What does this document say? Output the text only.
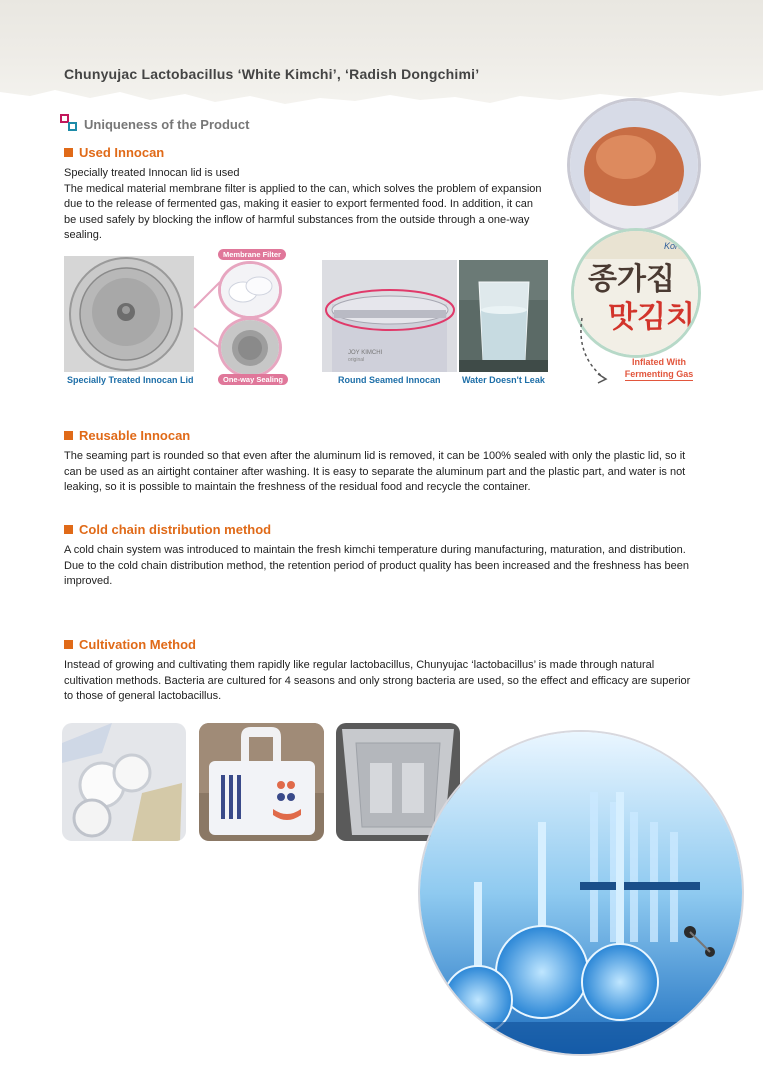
Chunyujac Lactobacillus ‘White Kimchi’, ‘Radish Dongchimi’
Uniqueness of the Product
Used Innocan

Specially treated Innocan lid is used

The medical material membrane filter is applied to the can, which solves the problem of expansion due to the release of fermented gas, making it easier to export fermented food. In addition, it can be used safely by blocking the inflow of harmful substances from the outside through a one-way sealing.

Specially Treated Innocan Lid
Membrane Filter
One-way Sealing
JOY KIMCHI
original
Round Seamed Innocan Water Doesn't Leak
Korea
종가집
맛김치
Inflated With
Fermenting Gas
Reusable Innocan

The seaming part is rounded so that even after the aluminum lid is removed, it can be 100% sealed with only the plastic lid, so it can be used as an airtight container after washing. It is easy to separate the aluminum part and the plastic part, and water is not leaking, so it is possible to maintain the freshness of the residual food and recycle the container.

Cold chain distribution method

A cold chain system was introduced to maintain the fresh kimchi temperature during manufacturing, maturation, and distribution.

Due to the cold chain distribution method, the retention period of product quality has been increased and the freshness has been improved.

Cultivation Method

Instead of growing and cultivating them rapidly like regular lactobacillus, Chunyujac ‘lactobacillus’ is made through natural cultivation methods. Bacteria are cultured for 4 seasons and only strong bacteria are used, so the effect and efficacy are superior to those of general lactobacillus.
